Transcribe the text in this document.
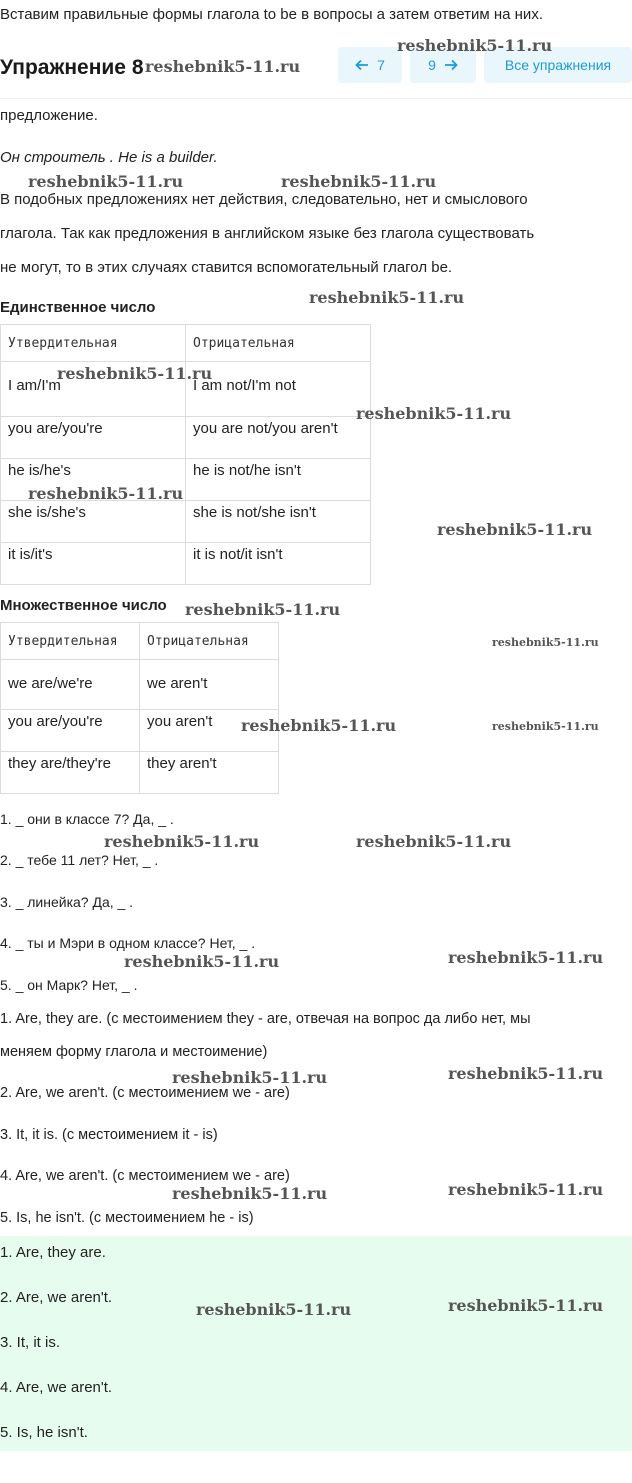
Вставим правильные формы глагола to be в вопросы а затем ответим на них.
Упражнение 8	7	9	Все упражнения
предложение.
Он строитель . He is a builder.
В подобных предложениях нет действия, следовательно, нет и смыслового
глагола. Так как предложения в английском языке без глагола существовать
не могут, то в этих случаях ставится вспомогательный глагол be.
Единственное число
Утвердительная	Отрицательная
I am/I'm	I am not/I'm not
you are/you're	you are not/you aren't
he is/he's	he is not/he isn't
she is/she's	she is not/she isn't
it is/it's	it is not/it isn't
Множественное число
Утвердительная	Отрицательная
we are/we're	we aren't
you are/you're	you aren't
they are/they're	they aren't
1. _ они в классе 7? Да, _ .
2. _ тебе 11 лет? Нет, _ .
3. _ линейка? Да, _ .
4. _ ты и Мэри в одном классе? Нет, _ .
5. _ он Марк? Нет, _ .
1. Are, they are. (с местоимением they - are, отвечая на вопрос да либо нет, мы
меняем форму глагола и местоимение)
2. Are, we aren't. (с местоимением we - are)
3. It, it is. (с местоимением it - is)
4. Are, we aren't. (с местоимением we - are)
5. Is, he isn't. (с местоимением he - is)
1. Are, they are.
2. Are, we aren't.
3. It, it is.
4. Are, we aren't.
5. Is, he isn't.
reshebnik5-11.ru
reshebnik5-11.ru
reshebnik5-11.ru	reshebnik5-11.ru
reshebnik5-11.ru
reshebnik5-11.ru
reshebnik5-11.ru
reshebnik5-11.ru
reshebnik5-11.ru
reshebnik5-11.ru
reshebnik5-11.ru
reshebnik5-11.ru	reshebnik5-11.ru
reshebnik5-11.ru	reshebnik5-11.ru
reshebnik5-11.ru	reshebnik5-11.ru
reshebnik5-11.ru	reshebnik5-11.ru
reshebnik5-11.ru	reshebnik5-11.ru
reshebnik5-11.ru	reshebnik5-11.ru
